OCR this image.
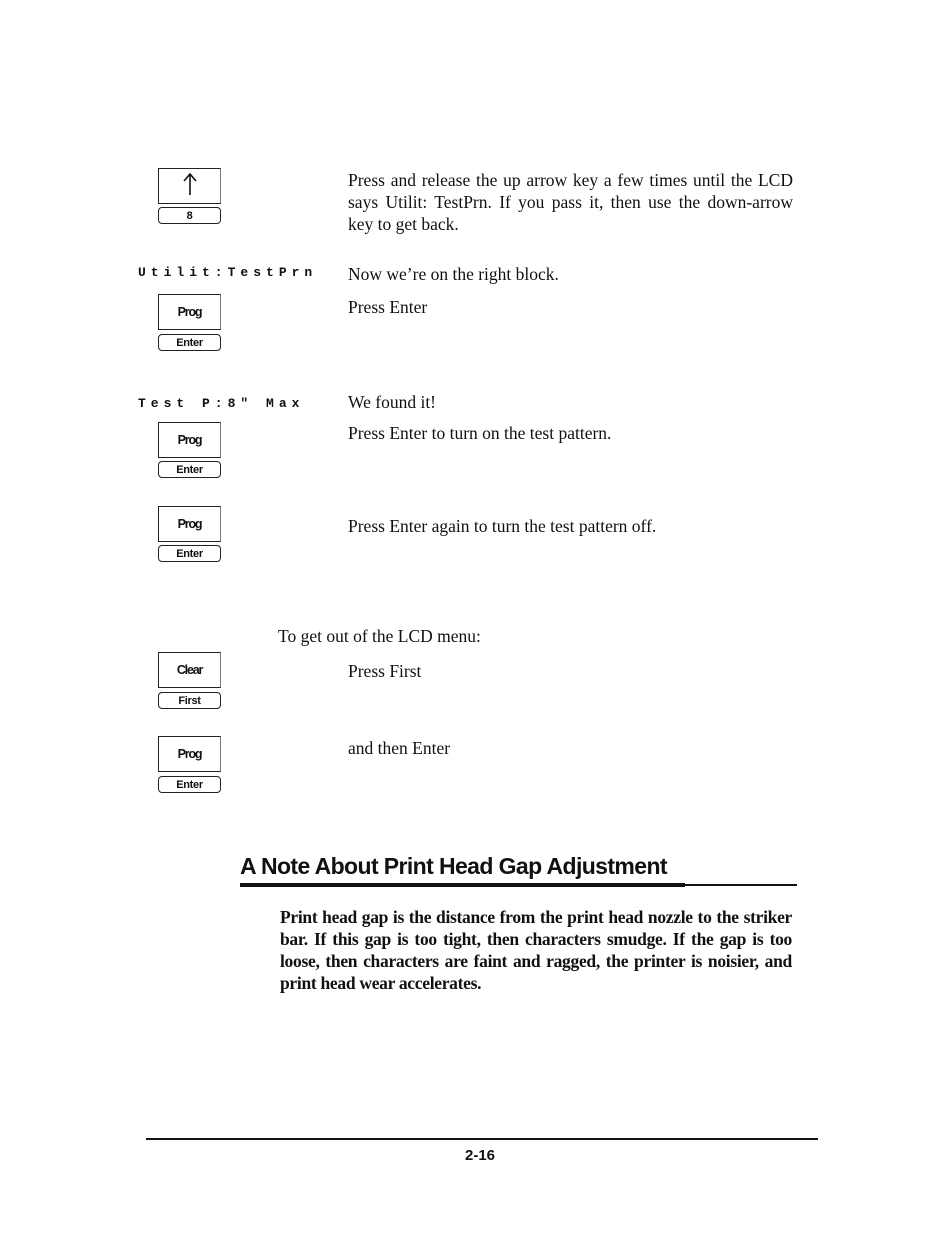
8
Press and release the up arrow key a few times until the LCD says Utilit: TestPrn. If you pass it, then use the down-arrow key to get back.
Utilit:TestPrn Now we’re on the right block.
Press Enter
Prog
Enter
Test P:8" Max We found it!
Press Enter to turn on the test pattern.
Prog
Enter
Prog
Enter
Press Enter again to turn the test pattern off.
To get out of the LCD menu:
Clear
First
Press First
Prog
Enter
and then Enter
A Note About Print Head Gap Adjustment
Print head gap is the distance from the print head nozzle to the striker bar. If this gap is too tight, then characters smudge. If the gap is too loose, then characters are faint and ragged, the printer is noisier, and print head wear accelerates.
2-16
